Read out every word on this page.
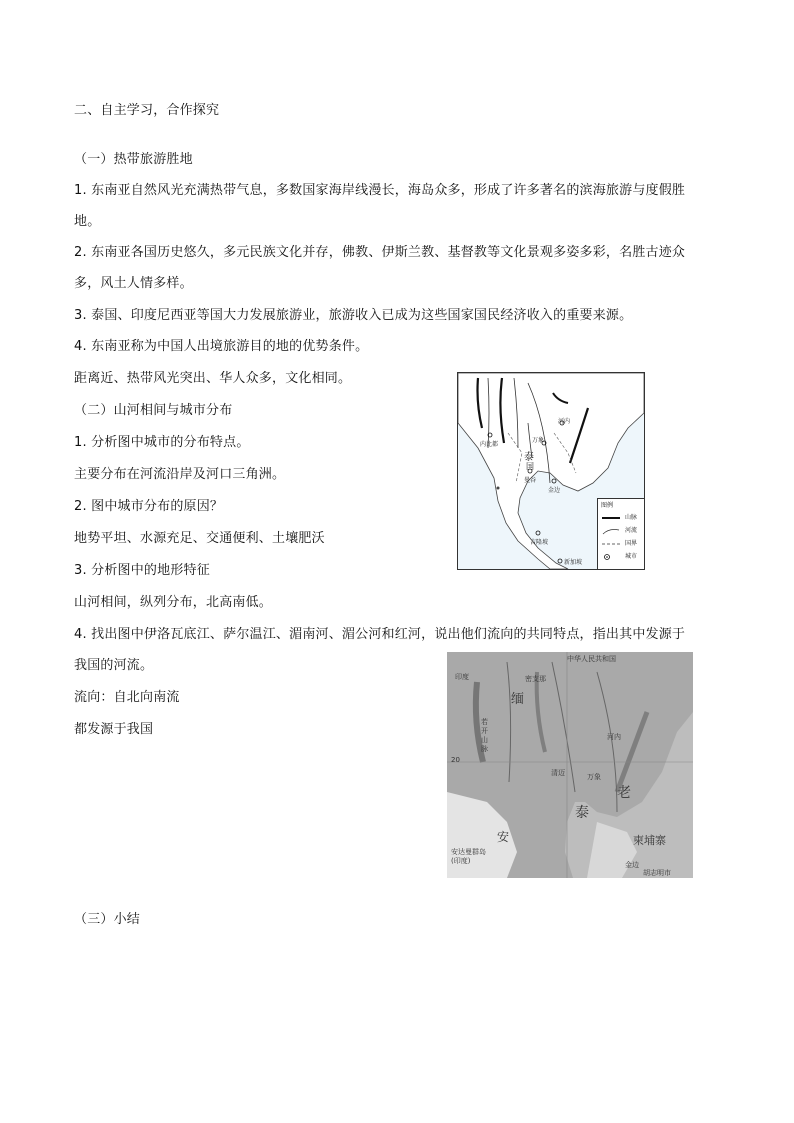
二、自主学习，合作探究
（一）热带旅游胜地
1. 东南亚自然风光充满热带气息，多数国家海岸线漫长，海岛众多，形成了许多著名的滨海旅游与度假胜
地。
2. 东南亚各国历史悠久，多元民族文化并存，佛教、伊斯兰教、基督教等文化景观多姿多彩，名胜古迹众
多，风土人情多样。
3. 泰国、印度尼西亚等国大力发展旅游业，旅游收入已成为这些国家国民经济收入的重要来源。
4. 东南亚称为中国人出境旅游目的地的优势条件。
距离近、热带风光突出、华人众多，文化相同。
（二）山河相间与城市分布
1. 分析图中城市的分布特点。
主要分布在河流沿岸及河口三角洲。
2. 图中城市分布的原因？
地势平坦、水源充足、交通便利、土壤肥沃
3. 分析图中的地形特征
山河相间，纵列分布，北高南低。
4. 找出图中伊洛瓦底江、萨尔温江、湄南河、湄公河和红河，说出他们流向的共同特点，指出其中发源于
我国的河流。
流向：自北向南流
都发源于我国
（三）小结
内比都
河内
万象
泰
国
曼谷
金边
吉隆坡
新加坡
图例
山脉
河流
国界
城市
中华人民共和国
印度
缅
密支那
若开山脉
20
河内
万象
清迈
老
泰
安
安达曼群岛(印度)
柬埔寨
金边
胡志明市
